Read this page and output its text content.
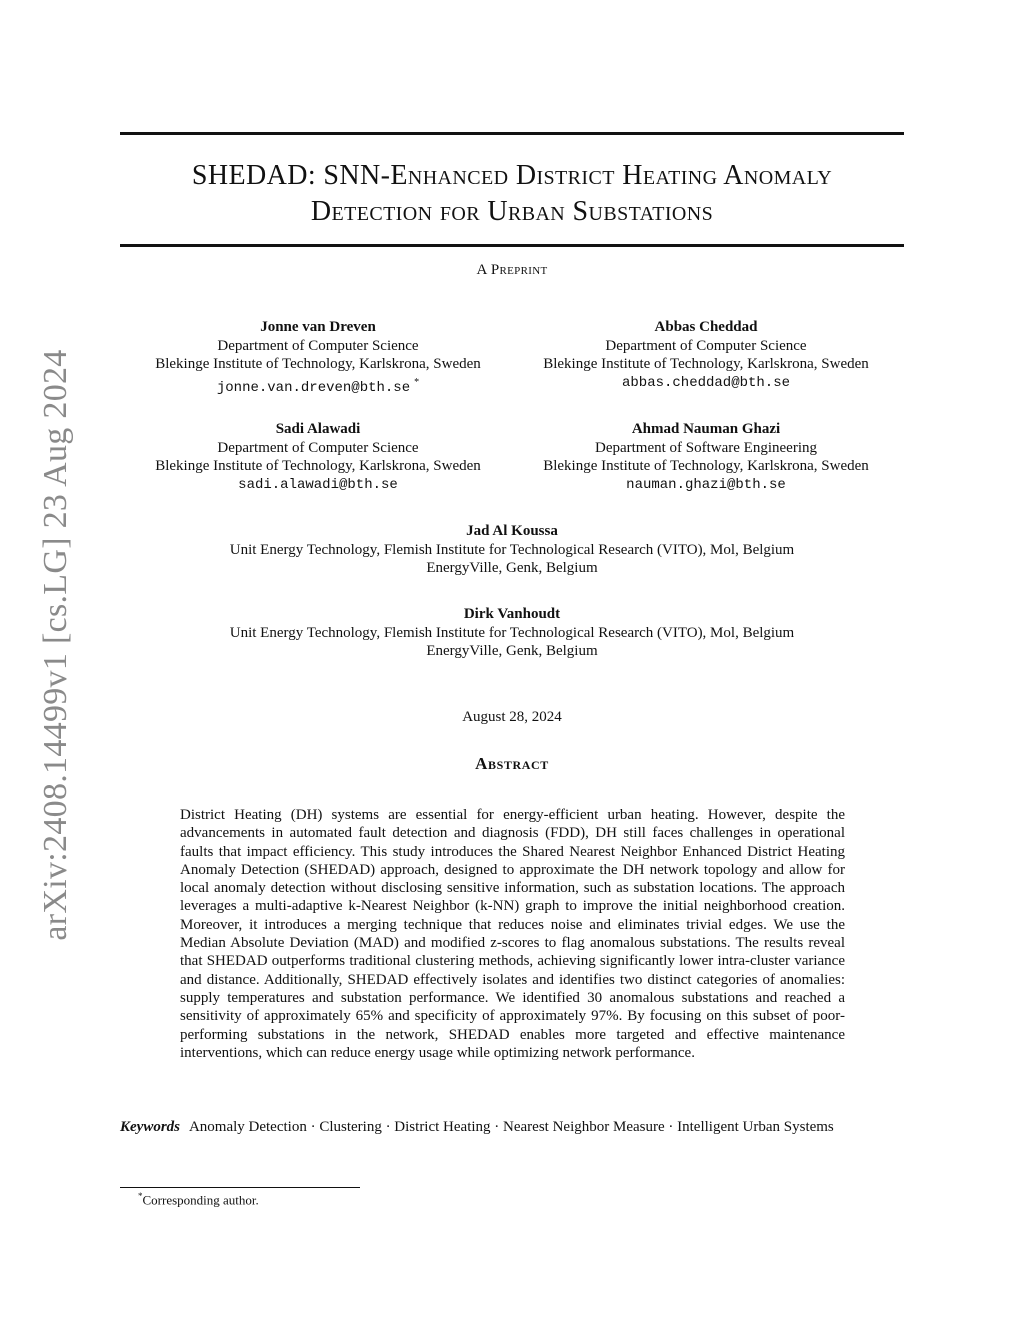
arXiv:2408.14499v1 [cs.LG] 23 Aug 2024
SHEDAD: SNN-Enhanced District Heating Anomaly
Detection for Urban Substations
A Preprint
Jonne van Dreven
Department of Computer Science
Blekinge Institute of Technology, Karlskrona, Sweden
jonne.van.dreven@bth.se *
Abbas Cheddad
Department of Computer Science
Blekinge Institute of Technology, Karlskrona, Sweden
abbas.cheddad@bth.se
Sadi Alawadi
Department of Computer Science
Blekinge Institute of Technology, Karlskrona, Sweden
sadi.alawadi@bth.se
Ahmad Nauman Ghazi
Department of Software Engineering
Blekinge Institute of Technology, Karlskrona, Sweden
nauman.ghazi@bth.se
Jad Al Koussa
Unit Energy Technology, Flemish Institute for Technological Research (VITO), Mol, Belgium
EnergyVille, Genk, Belgium
Dirk Vanhoudt
Unit Energy Technology, Flemish Institute for Technological Research (VITO), Mol, Belgium
EnergyVille, Genk, Belgium
August 28, 2024
Abstract
District Heating (DH) systems are essential for energy-efficient urban heating. However, despite the advancements in automated fault detection and diagnosis (FDD), DH still faces challenges in operational faults that impact efficiency. This study introduces the Shared Nearest Neighbor Enhanced District Heating Anomaly Detection (SHEDAD) approach, designed to approximate the DH network topology and allow for local anomaly detection without disclosing sensitive information, such as substation locations. The approach leverages a multi-adaptive k-Nearest Neighbor (k-NN) graph to improve the initial neighborhood creation. Moreover, it introduces a merging technique that reduces noise and eliminates trivial edges. We use the Median Absolute Deviation (MAD) and modified z-scores to flag anomalous substations. The results reveal that SHEDAD outperforms traditional clustering methods, achieving significantly lower intra-cluster variance and distance. Additionally, SHEDAD effectively isolates and identifies two distinct categories of anomalies: supply temperatures and substation performance. We identified 30 anomalous substations and reached a sensitivity of approximately 65% and specificity of approximately 97%. By focusing on this subset of poor-performing substations in the network, SHEDAD enables more targeted and effective maintenance interventions, which can reduce energy usage while optimizing network performance.
Keywords Anomaly Detection · Clustering · District Heating · Nearest Neighbor Measure · Intelligent Urban Systems
*Corresponding author.
